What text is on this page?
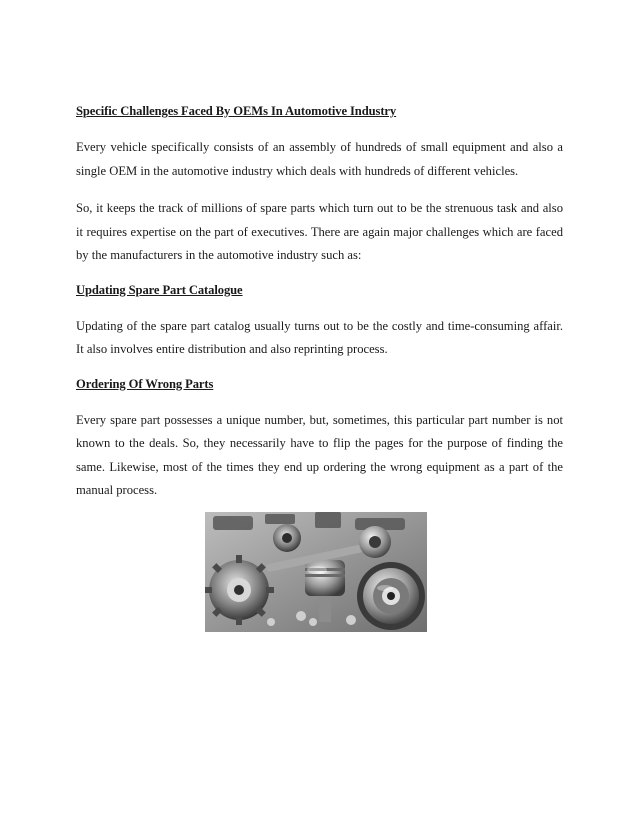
Specific Challenges Faced By OEMs In Automotive Industry

Every vehicle specifically consists of an assembly of hundreds of small equipment and also a single OEM in the automotive industry which deals with hundreds of different vehicles.

So, it keeps the track of millions of spare parts which turn out to be the strenuous task and also it requires expertise on the part of executives. There are again major challenges which are faced by the manufacturers in the automotive industry such as:

Updating Spare Part Catalogue

Updating of the spare part catalog usually turns out to be the costly and time-consuming affair. It also involves entire distribution and also reprinting process.

Ordering Of Wrong Parts

Every spare part possesses a unique number, but, sometimes, this particular part number is not known to the deals. So, they necessarily have to flip the pages for the purpose of finding the same. Likewise, most of the times they end up ordering the wrong equipment as a part of the manual process.
